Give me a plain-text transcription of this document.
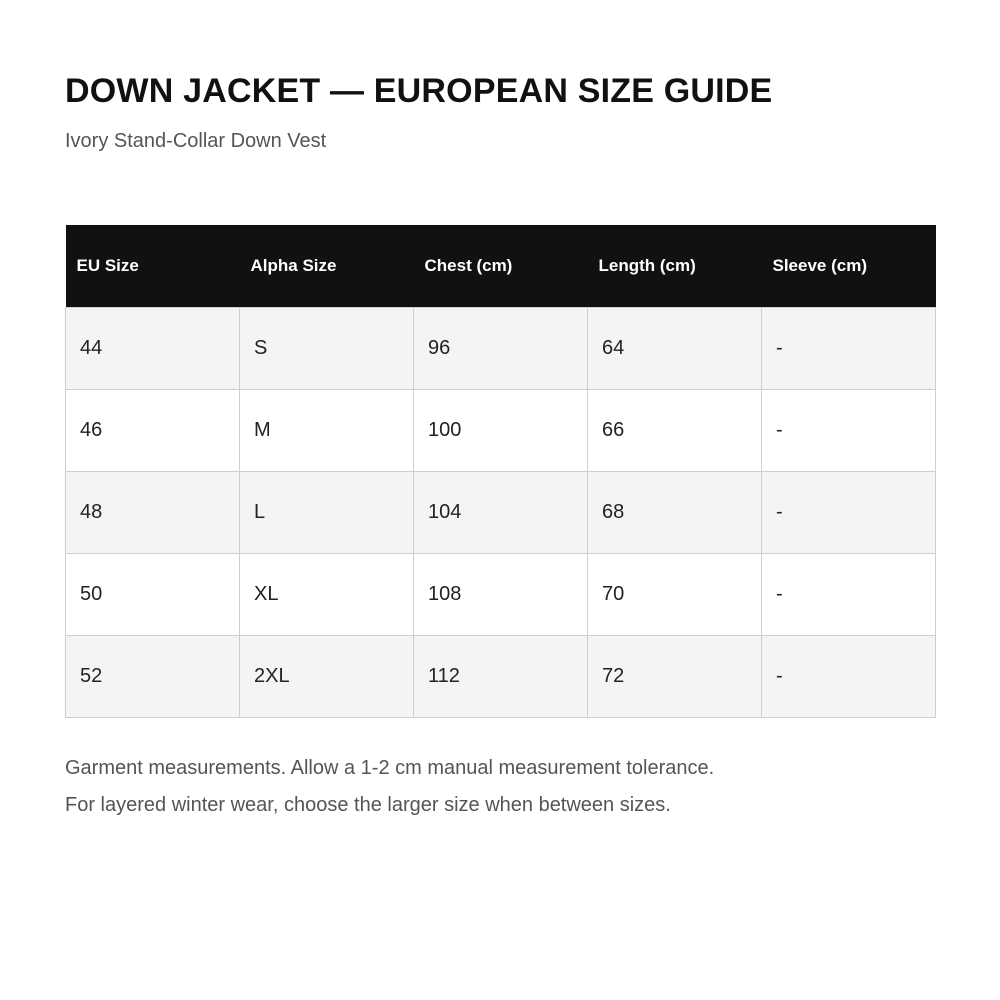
DOWN JACKET — EUROPEAN SIZE GUIDE

Ivory Stand-Collar Down Vest

EU Size	Alpha Size	Chest (cm)	Length (cm)	Sleeve (cm)
44	S	96	64	-
46	M	100	66	-
48	L	104	68	-
50	XL	108	70	-
52	2XL	112	72	-

Garment measurements. Allow a 1-2 cm manual measurement tolerance.

For layered winter wear, choose the larger size when between sizes.
